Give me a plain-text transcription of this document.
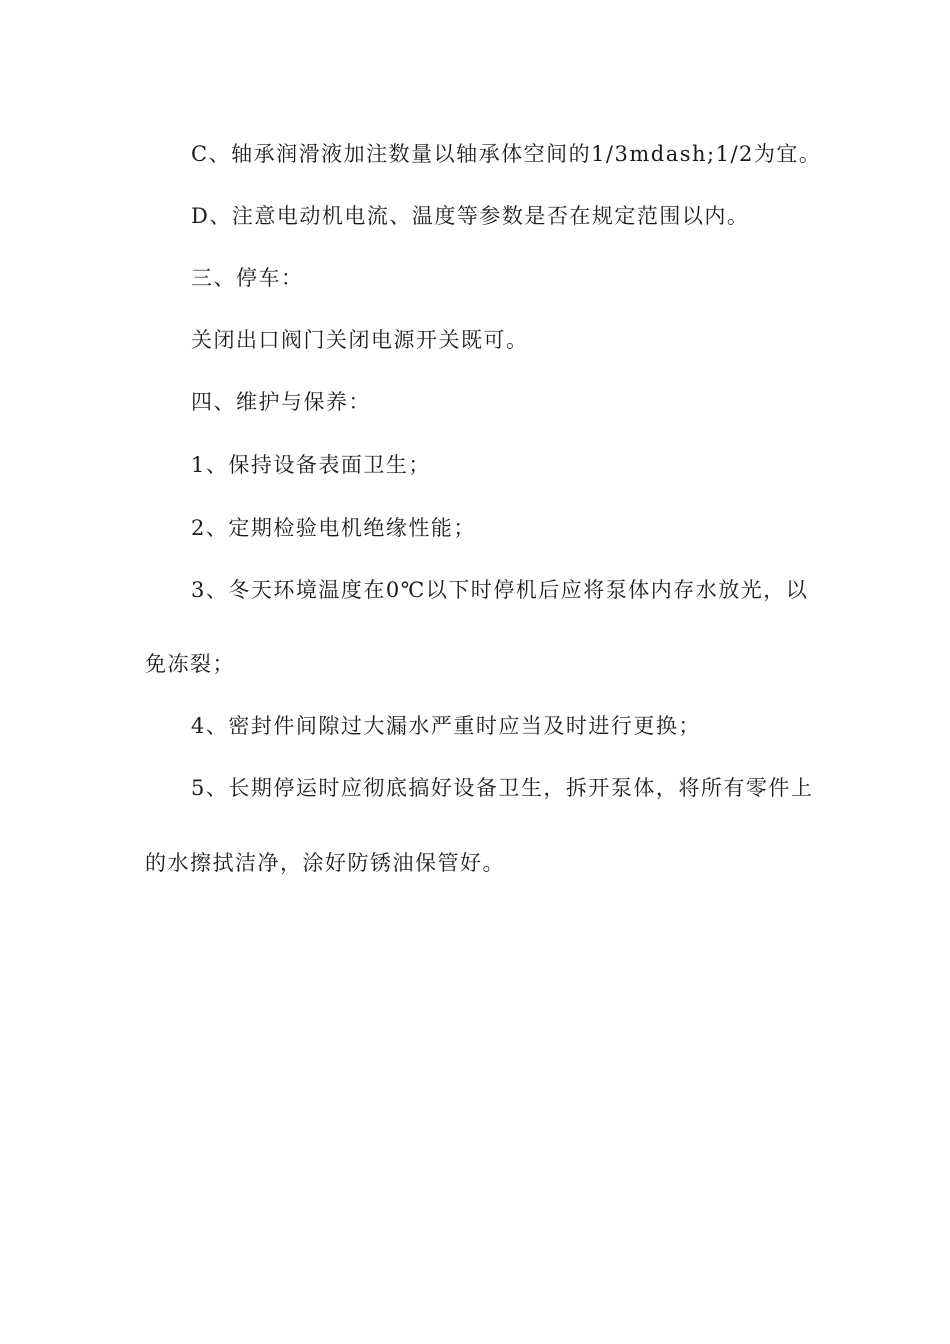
C、轴承润滑液加注数量以轴承体空间的1/3mdash;1/2为宜。
D、注意电动机电流、温度等参数是否在规定范围以内。
三、停车：
关闭出口阀门关闭电源开关既可。
四、维护与保养：
1、保持设备表面卫生；
2、定期检验电机绝缘性能；
3、冬天环境温度在0℃以下时停机后应将泵体内存水放光，以
免冻裂；
4、密封件间隙过大漏水严重时应当及时进行更换；
5、长期停运时应彻底搞好设备卫生，拆开泵体，将所有零件上
的水擦拭洁净，涂好防锈油保管好。
